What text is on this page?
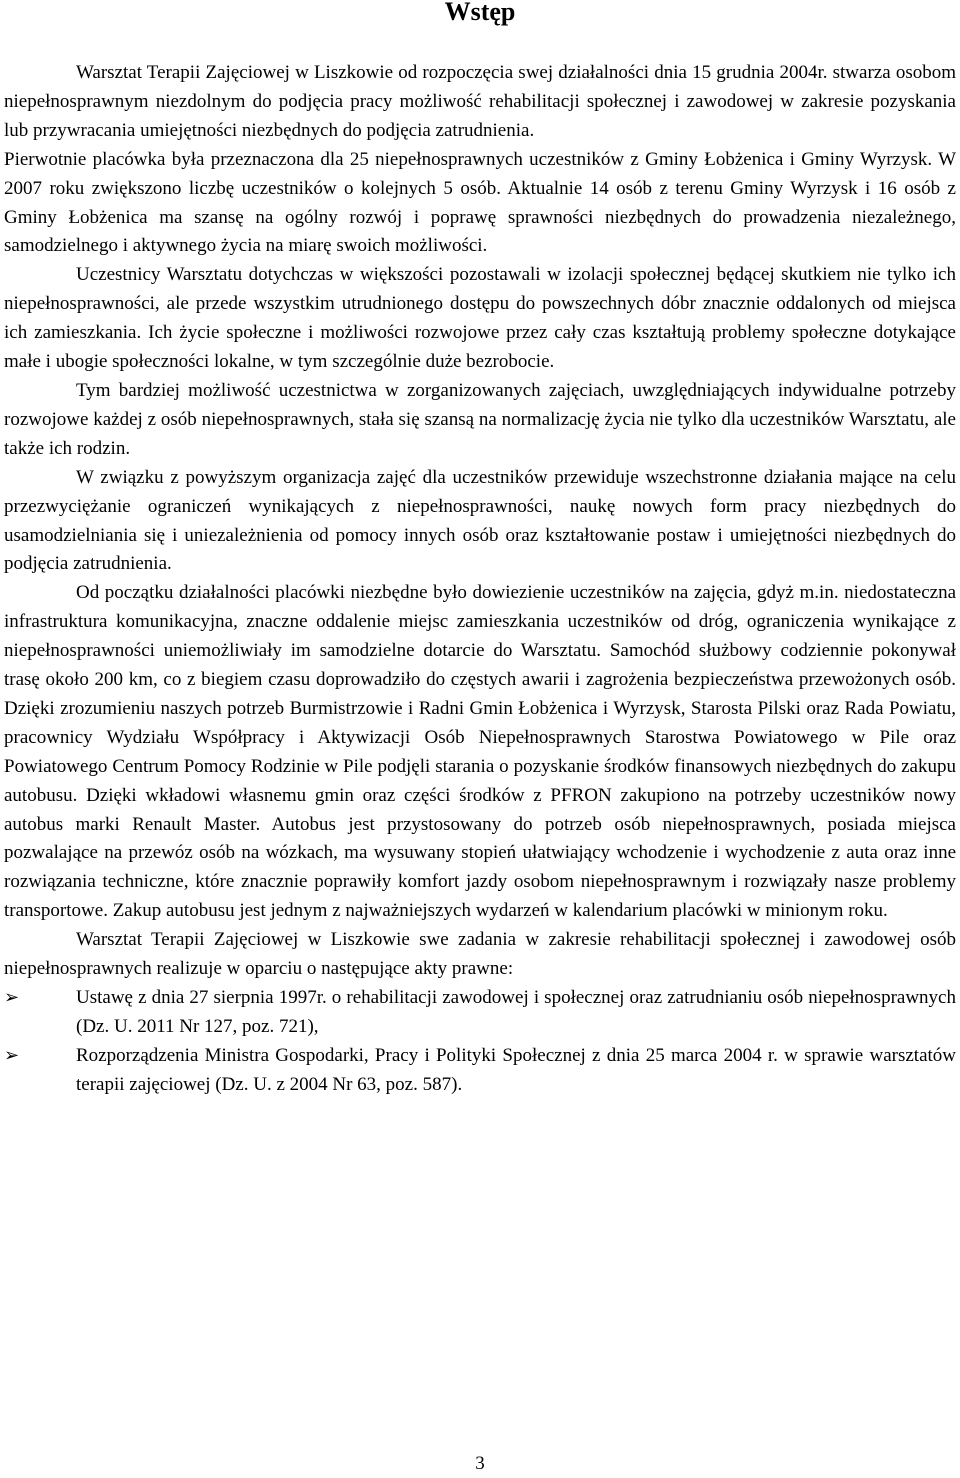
Wstęp

Warsztat Terapii Zajęciowej w Liszkowie od rozpoczęcia swej działalności dnia 15 grudnia 2004r. stwarza osobom niepełnosprawnym niezdolnym do podjęcia pracy możliwość rehabilitacji społecznej i zawodowej w zakresie pozyskania lub przywracania umiejętności niezbędnych do podjęcia zatrudnienia.

Pierwotnie placówka była przeznaczona dla 25 niepełnosprawnych uczestników z Gminy Łobżenica i Gminy Wyrzysk. W 2007 roku zwiększono liczbę uczestników o kolejnych 5 osób. Aktualnie 14 osób z terenu Gminy Wyrzysk i 16 osób z Gminy Łobżenica ma szansę na ogólny rozwój i poprawę sprawności niezbędnych do prowadzenia niezależnego, samodzielnego i aktywnego życia na miarę swoich możliwości.

Uczestnicy Warsztatu dotychczas w większości pozostawali w izolacji społecznej będącej skutkiem nie tylko ich niepełnosprawności, ale przede wszystkim utrudnionego dostępu do powszechnych dóbr znacznie oddalonych od miejsca ich zamieszkania. Ich życie społeczne i możliwości rozwojowe przez cały czas kształtują problemy społeczne dotykające małe i ubogie społeczności lokalne, w tym szczególnie duże bezrobocie.

Tym bardziej możliwość uczestnictwa w zorganizowanych zajęciach, uwzględniających indywidualne potrzeby rozwojowe każdej z osób niepełnosprawnych, stała się szansą na normalizację życia nie tylko dla uczestników Warsztatu, ale także ich rodzin.

W związku z powyższym organizacja zajęć dla uczestników przewiduje wszechstronne działania mające na celu przezwyciężanie ograniczeń wynikających z niepełnosprawności, naukę nowych form pracy niezbędnych do usamodzielniania się i uniezależnienia od pomocy innych osób oraz kształtowanie postaw i umiejętności niezbędnych do podjęcia zatrudnienia.

Od początku działalności placówki niezbędne było dowiezienie uczestników na zajęcia, gdyż m.in. niedostateczna infrastruktura komunikacyjna, znaczne oddalenie miejsc zamieszkania uczestników od dróg, ograniczenia wynikające z niepełnosprawności uniemożliwiały im samodzielne dotarcie do Warsztatu. Samochód służbowy codziennie pokonywał trasę około 200 km, co z biegiem czasu doprowadziło do częstych awarii i zagrożenia bezpieczeństwa przewożonych osób. Dzięki zrozumieniu naszych potrzeb Burmistrzowie i Radni Gmin Łobżenica i Wyrzysk, Starosta Pilski oraz Rada Powiatu, pracownicy Wydziału Współpracy i Aktywizacji Osób Niepełnosprawnych Starostwa Powiatowego w Pile oraz Powiatowego Centrum Pomocy Rodzinie w Pile podjęli starania o pozyskanie środków finansowych niezbędnych do zakupu autobusu. Dzięki wkładowi własnemu gmin oraz części środków z PFRON zakupiono na potrzeby uczestników nowy autobus marki Renault Master. Autobus jest przystosowany do potrzeb osób niepełnosprawnych, posiada miejsca pozwalające na przewóz osób na wózkach, ma wysuwany stopień ułatwiający wchodzenie i wychodzenie z auta oraz inne rozwiązania techniczne, które znacznie poprawiły komfort jazdy osobom niepełnosprawnym i rozwiązały nasze problemy transportowe. Zakup autobusu jest jednym z najważniejszych wydarzeń w kalendarium placówki w minionym roku.

Warsztat Terapii Zajęciowej w Liszkowie swe zadania w zakresie rehabilitacji społecznej i zawodowej osób niepełnosprawnych realizuje w oparciu o następujące akty prawne:

➢	Ustawę z dnia 27 sierpnia 1997r. o rehabilitacji zawodowej i społecznej oraz zatrudnianiu osób niepełnosprawnych (Dz. U. 2011 Nr 127, poz. 721),
➢	Rozporządzenia Ministra Gospodarki, Pracy i Polityki Społecznej z dnia 25 marca 2004 r. w sprawie warsztatów terapii zajęciowej (Dz. U. z 2004 Nr 63, poz. 587).
3
